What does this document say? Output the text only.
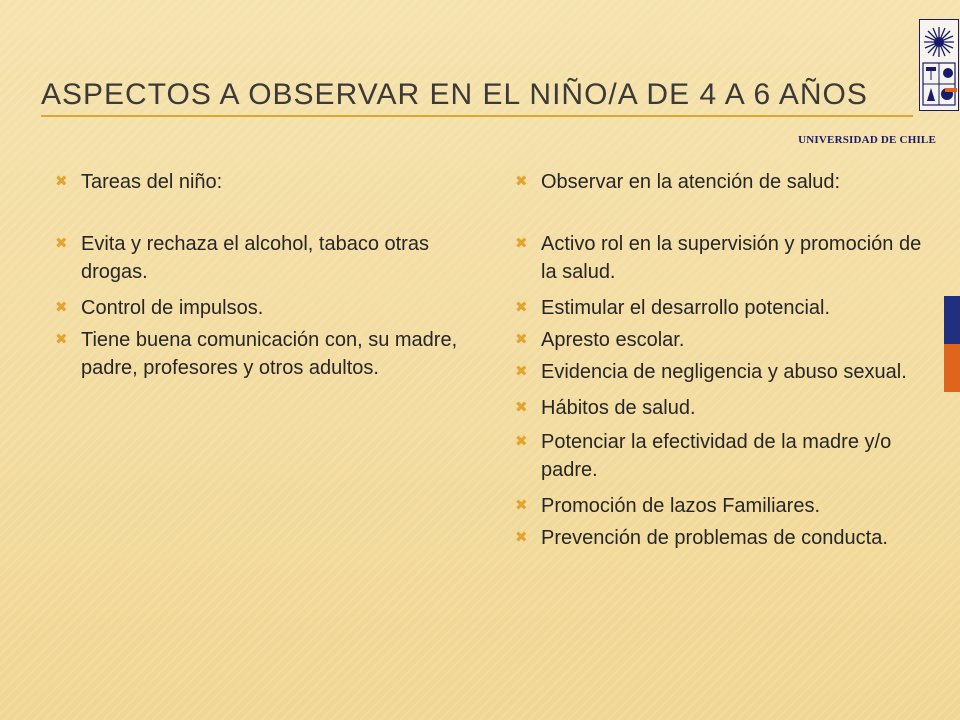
ASPECTOS A OBSERVAR EN EL NIÑO/A DE 4 A 6 AÑOS
UNIVERSIDAD DE CHILE
✖ Tareas del niño:
✖ Evita y rechaza el alcohol, tabaco otras drogas.
✖ Control de impulsos.
✖ Tiene buena comunicación con, su madre, padre, profesores y otros adultos.
✖ Observar en la atención de salud:
✖ Activo rol en la supervisión y promoción de la salud.
✖ Estimular el desarrollo potencial.
✖ Apresto escolar.
✖ Evidencia de negligencia y abuso sexual.
✖ Hábitos de salud.
✖ Potenciar la efectividad de la madre y/o padre.
✖ Promoción de lazos Familiares.
✖ Prevención de problemas de conducta.
